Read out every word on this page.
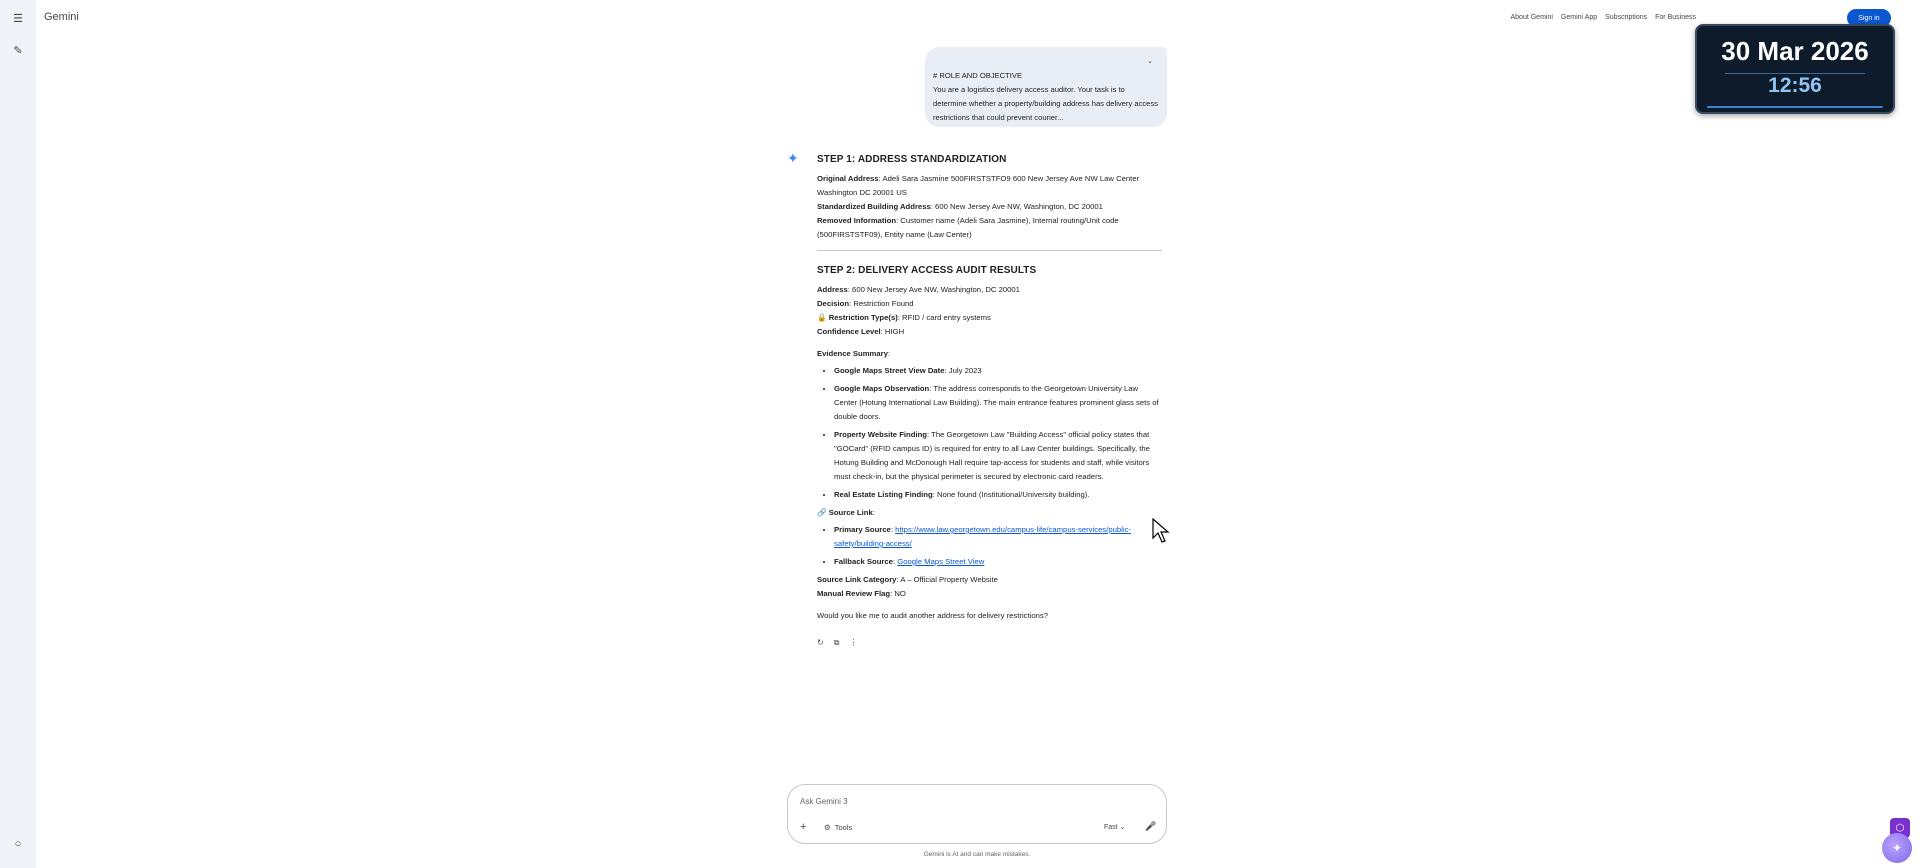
☰
✎
○
Gemini	About Gemini Gemini App Subscriptions For Business	Sign in
30 Mar 2026
12:56
⌄
# ROLE AND OBJECTIVE
You are a logistics delivery access auditor. Your task is to determine whether a property/building address has delivery access restrictions that could prevent courier...
✦ STEP 1: ADDRESS STANDARDIZATION

Original Address: Adeli Sara Jasmine 500FIRSTSTFO9 600 New Jersey Ave NW Law Center Washington DC 20001 US

Standardized Building Address: 600 New Jersey Ave NW, Washington, DC 20001

Removed Information: Customer name (Adeli Sara Jasmine), Internal routing/Unit code (500FIRSTSTF09), Entity name (Law Center)

STEP 2: DELIVERY ACCESS AUDIT RESULTS

Address: 600 New Jersey Ave NW, Washington, DC 20001

Decision: Restriction Found

🔒 Restriction Type(s): RFID / card entry systems

Confidence Level: HIGH

Evidence Summary:

• Google Maps Street View Date: July 2023
• Google Maps Observation: The address corresponds to the Georgetown University Law Center (Hotung International Law Building). The main entrance features prominent glass sets of double doors.
• Property Website Finding: The Georgetown Law "Building Access" official policy states that "GOCard" (RFID campus ID) is required for entry to all Law Center buildings. Specifically, the Hotung Building and McDonough Hall require tap-access for students and staff, while visitors must check-in, but the physical perimeter is secured by electronic card readers.
• Real Estate Listing Finding: None found (Institutional/University building).

🔗 Source Link:

• Primary Source: https://www.law.georgetown.edu/campus-life/campus-services/public-safety/building-access/
• Fallback Source: Google Maps Street View

Source Link Category: A – Official Property Website

Manual Review Flag: NO

Would you like me to audit another address for delivery restrictions?

↻ ⧉ ⋮
Ask Gemini 3
+ ⚙ Tools	Fast ⌄ 🎤
Gemini is AI and can make mistakes.
⬡
✦
